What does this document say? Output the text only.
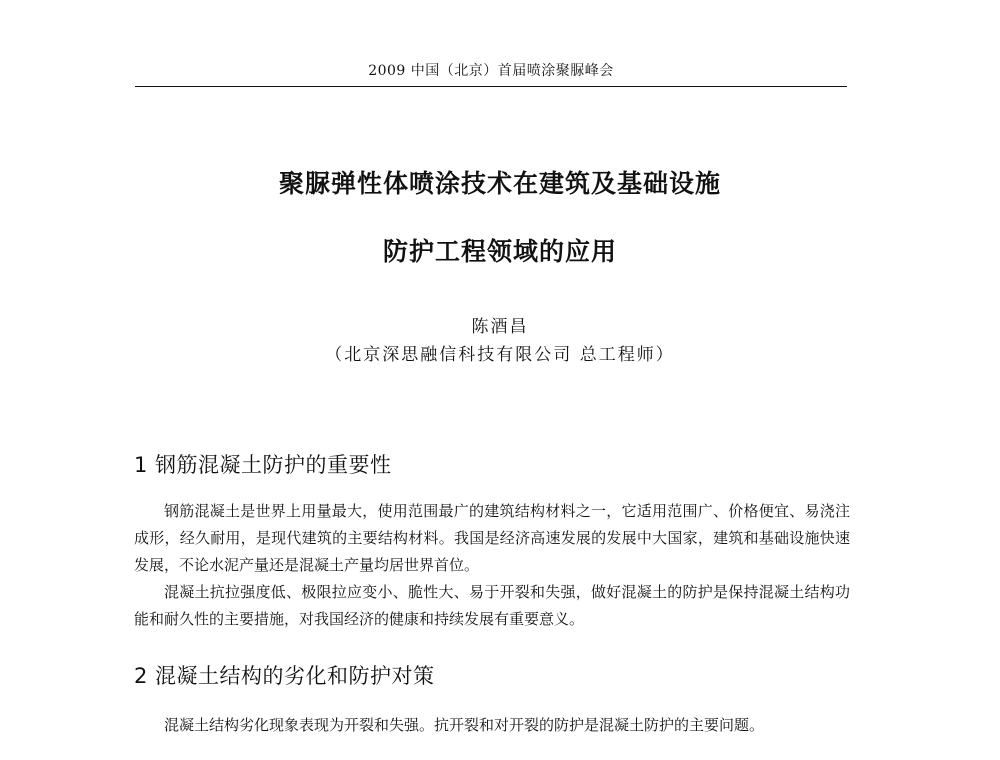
2009 中国（北京）首届喷涂聚脲峰会
聚脲弹性体喷涂技术在建筑及基础设施
防护工程领域的应用
陈酒昌
（北京深思融信科技有限公司 总工程师）
1 钢筋混凝土防护的重要性

钢筋混凝土是世界上用量最大，使用范围最广的建筑结构材料之一，它适用范围广、价格便宜、易浇注成形，经久耐用，是现代建筑的主要结构材料。我国是经济高速发展的发展中大国家，建筑和基础设施快速发展，不论水泥产量还是混凝土产量均居世界首位。

混凝土抗拉强度低、极限拉应变小、脆性大、易于开裂和失强，做好混凝土的防护是保持混凝土结构功能和耐久性的主要措施，对我国经济的健康和持续发展有重要意义。

2 混凝土结构的劣化和防护对策

混凝土结构劣化现象表现为开裂和失强。抗开裂和对开裂的防护是混凝土防护的主要问题。
